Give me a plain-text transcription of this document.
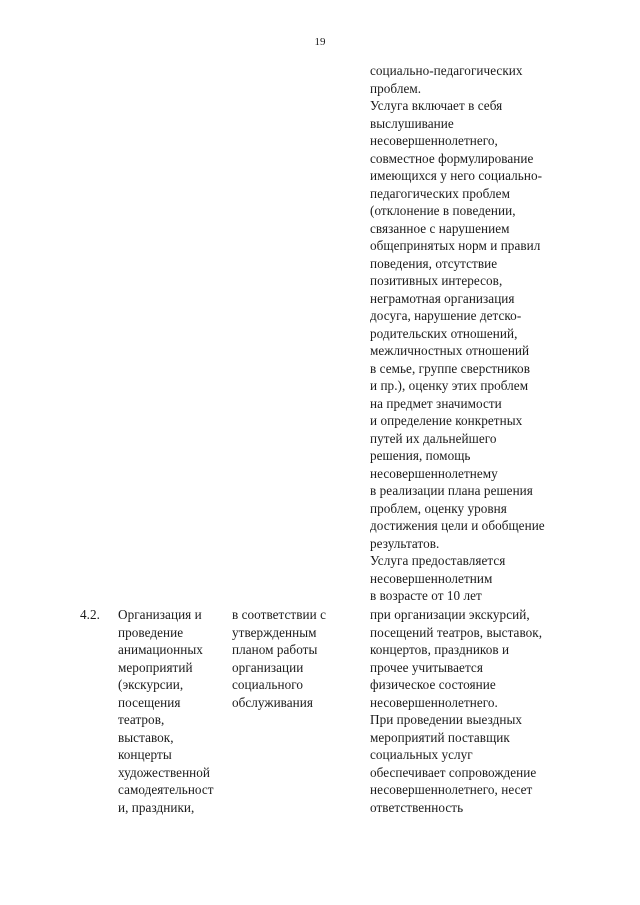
19
социально-педагогических
проблем.
Услуга включает в себя
выслушивание
несовершеннолетнего,
совместное формулирование
имеющихся у него социально-
педагогических проблем
(отклонение в поведении,
связанное с нарушением
общепринятых норм и правил
поведения, отсутствие
позитивных интересов,
неграмотная организация
досуга, нарушение детско-
родительских отношений,
межличностных отношений
в семье, группе сверстников
и пр.), оценку этих проблем
на предмет значимости
и определение конкретных
путей их дальнейшего
решения, помощь
несовершеннолетнему
в реализации плана решения
проблем, оценку уровня
достижения цели и обобщение
результатов.
Услуга предоставляется
несовершеннолетним
в возрасте от 10 лет
4.2. Организация и
проведение
анимационных
мероприятий
(экскурсии,
посещения
театров,
выставок,
концерты
художественной
самодеятельност
и, праздники,
в соответствии с
утвержденным
планом работы
организации
социального
обслуживания
при организации экскурсий,
посещений театров, выставок,
концертов, праздников и
прочее учитывается
физическое состояние
несовершеннолетнего.
При проведении выездных
мероприятий поставщик
социальных услуг
обеспечивает сопровождение
несовершеннолетнего, несет
ответственность
